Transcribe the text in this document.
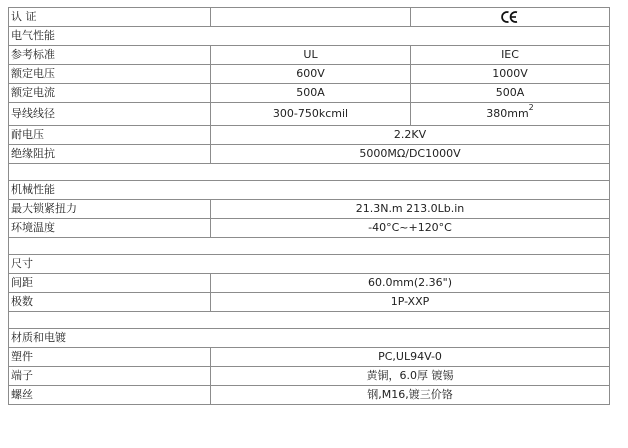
认 证		

电气性能		
参考标准	UL	IEC
额定电压	600V	1000V
额定电流	500A	500A
导线线径	300-750kcmil	$380mm^2$
耐电压	2.2KV	
绝缘阻抗	5000MΩ/DC1000V	

机械性能		
最大锁紧扭力	21.3N.m 213.0Lb.in	
环境温度	-40°C~+120°C	

尺寸		
间距	60.0mm(2.36")	
极数	1P-XXP	

材质和电镀		
塑件	PC,UL94V-0	
端子	黄铜，6.0厚 镀锡	
螺丝	钢,M16,镀三价铬	
